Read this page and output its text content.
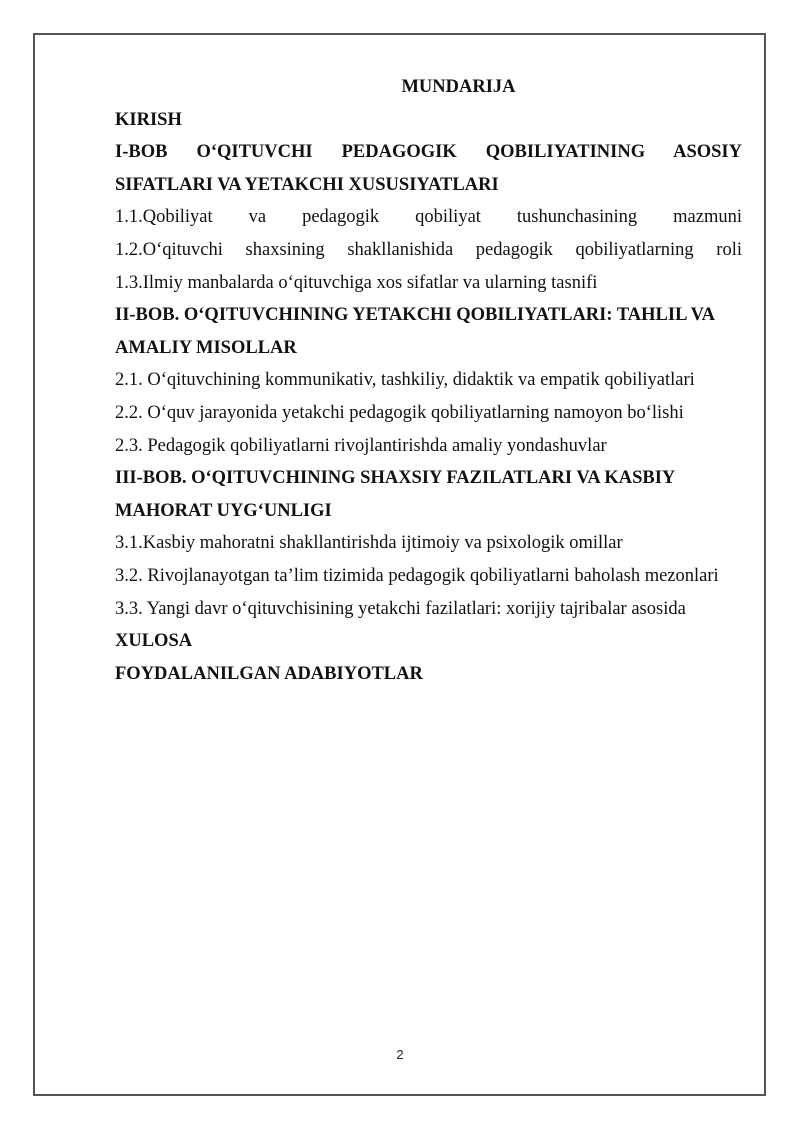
MUNDARIJA
KIRISH
I-BOB O‘QITUVCHI PEDAGOGIK QOBILIYATINING ASOSIY
SIFATLARI VA YETAKCHI XUSUSIYATLARI
1.1.Qobiliyat va pedagogik qobiliyat tushunchasining mazmuni
1.2.O‘qituvchi shaxsining shakllanishida pedagogik qobiliyatlarning roli
1.3.Ilmiy manbalarda o‘qituvchiga xos sifatlar va ularning tasnifi
II-BOB. O‘QITUVCHINING YETAKCHI QOBILIYATLARI: TAHLIL VA
AMALIY MISOLLAR
2.1. O‘qituvchining kommunikativ, tashkiliy, didaktik va empatik qobiliyatlari
2.2. O‘quv jarayonida yetakchi pedagogik qobiliyatlarning namoyon bo‘lishi
2.3. Pedagogik qobiliyatlarni rivojlantirishda amaliy yondashuvlar
III-BOB. O‘QITUVCHINING SHAXSIY FAZILATLARI VA KASBIY
MAHORAT UYG‘UNLIGI
3.1.Kasbiy mahoratni shakllantirishda ijtimoiy va psixologik omillar
3.2. Rivojlanayotgan ta’lim tizimida pedagogik qobiliyatlarni baholash mezonlari
3.3. Yangi davr o‘qituvchisining yetakchi fazilatlari: xorijiy tajribalar asosida
XULOSA
FOYDALANILGAN ADABIYOTLAR
2
